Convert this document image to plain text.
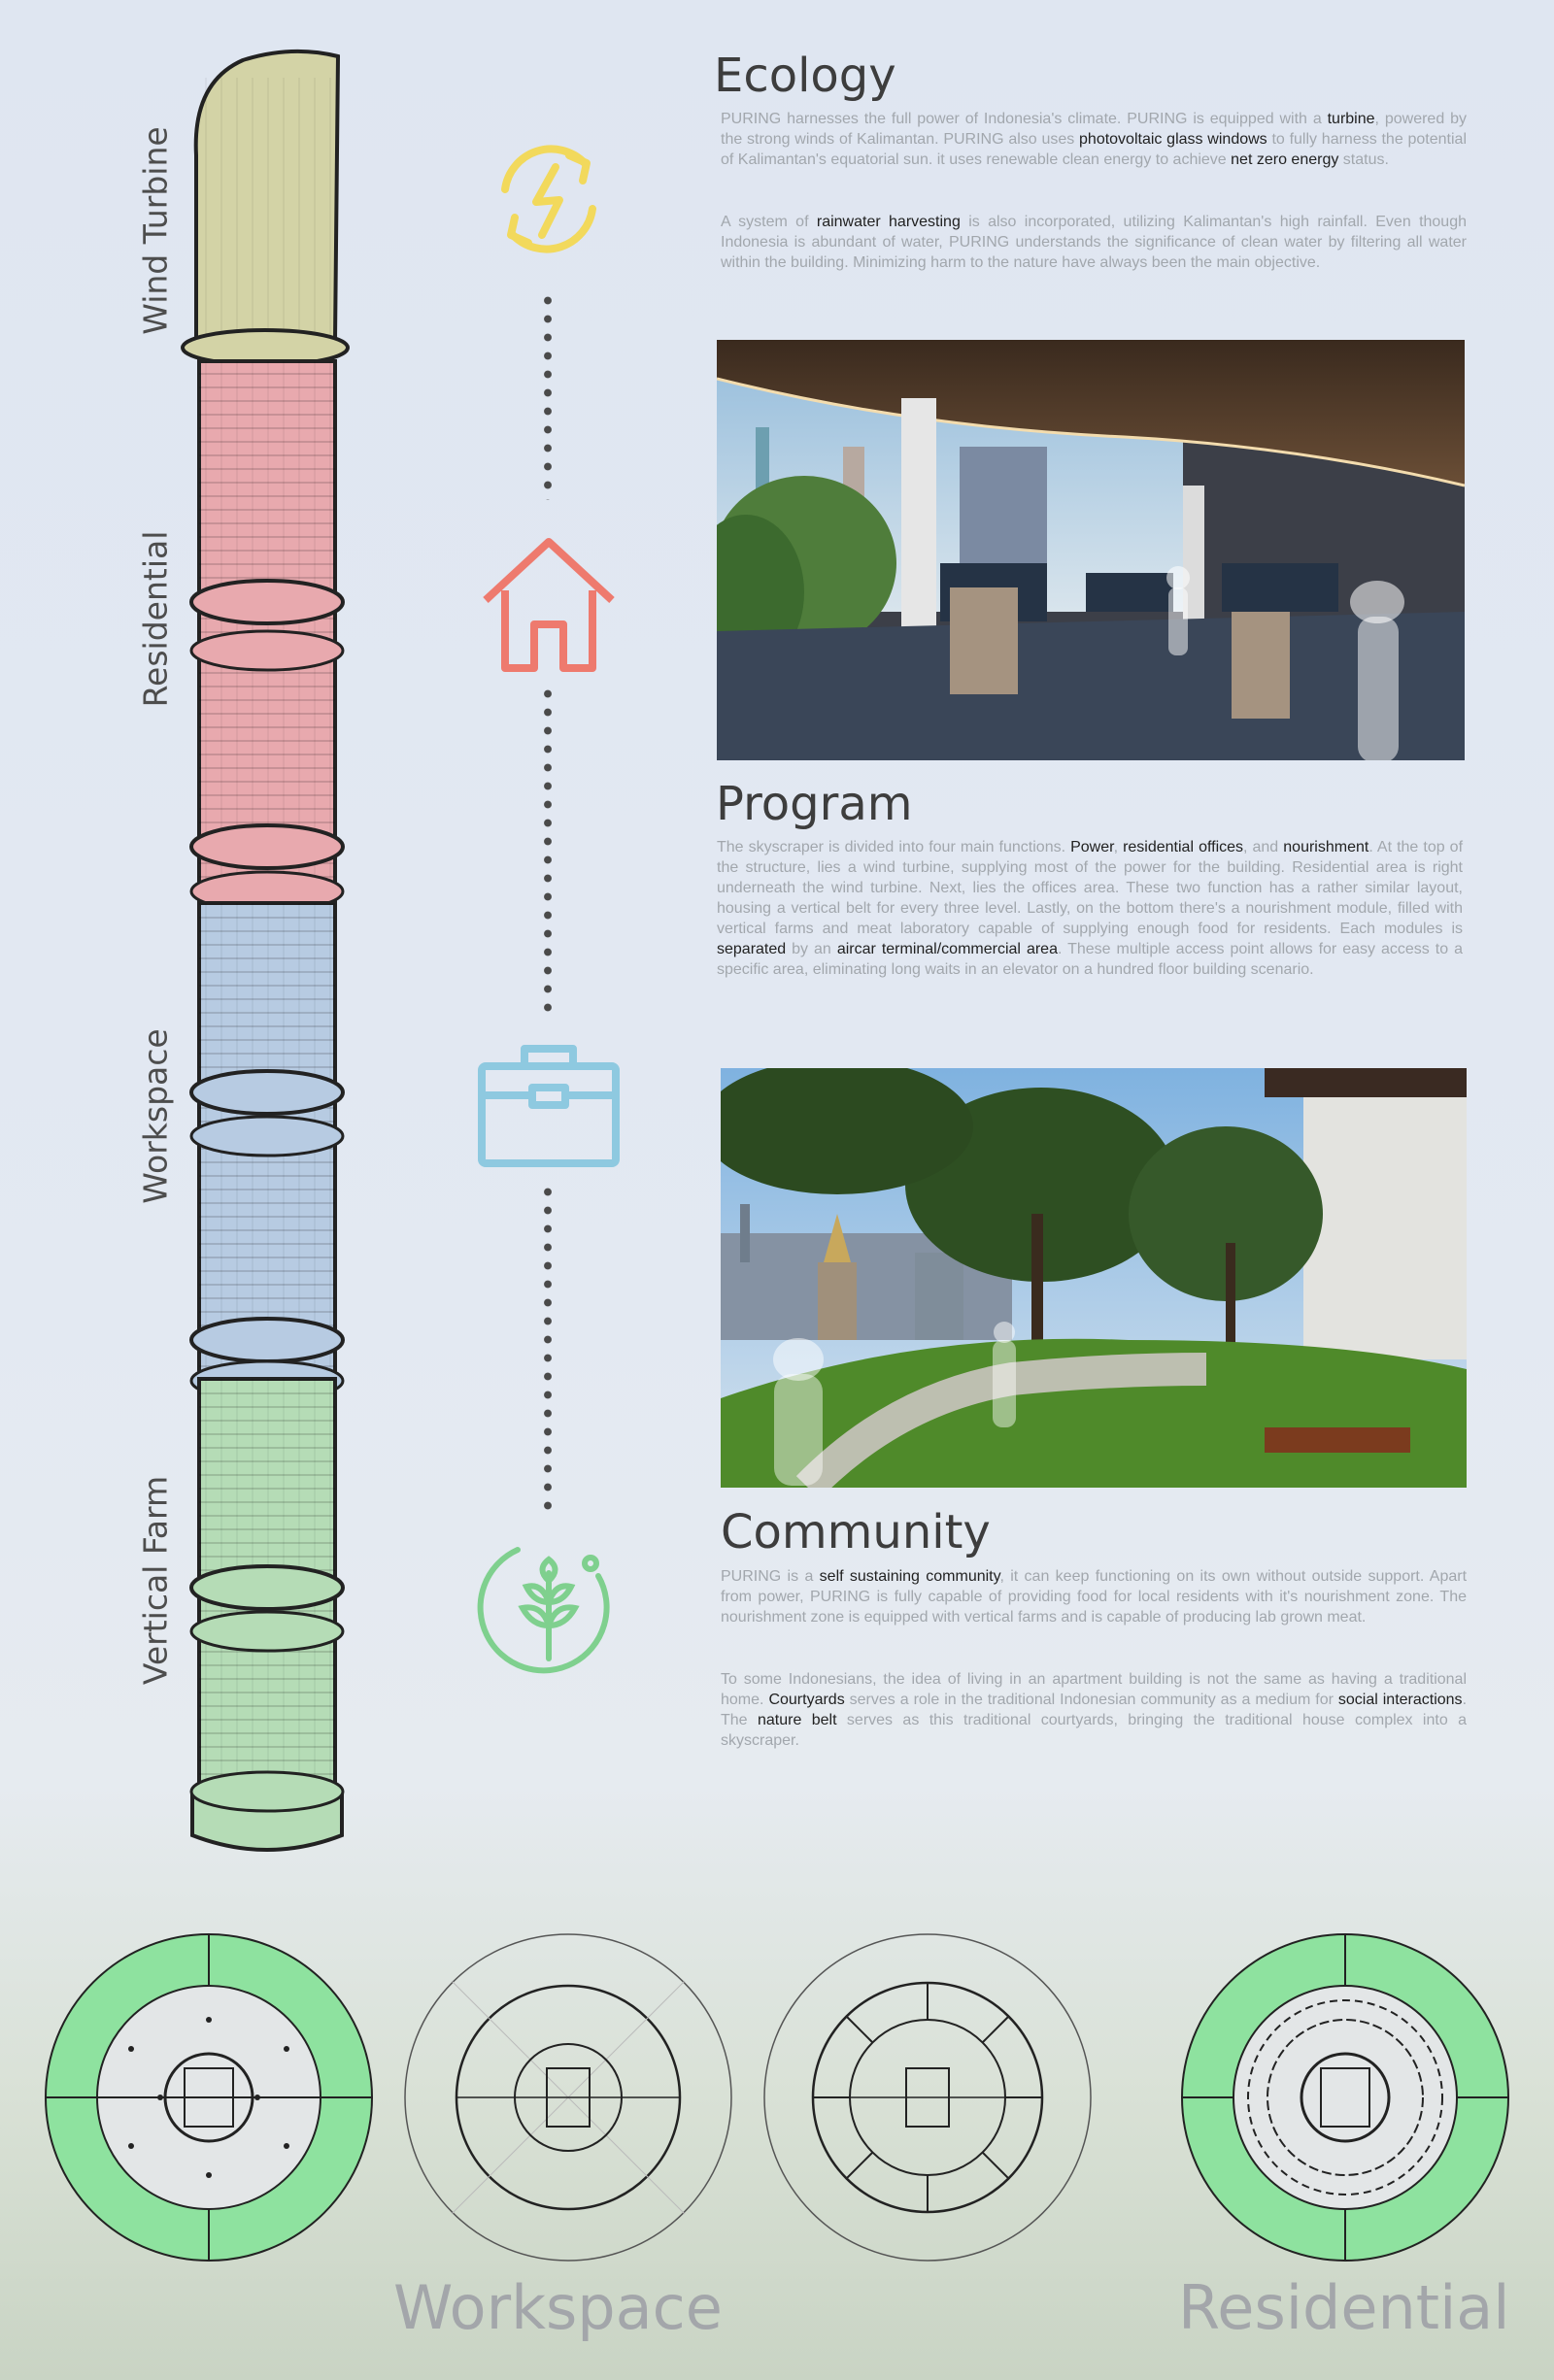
Wind Turbine
Residential
Workspace
Vertical Farm
Ecology

PURING harnesses the full power of Indonesia's climate. PURING is equipped with a turbine, powered by the strong winds of Kalimantan. PURING also uses photovoltaic glass windows to fully harness the potential of Kalimantan's equatorial sun. it uses renewable clean energy to achieve net zero energy status.

A system of rainwater harvesting is also incorporated, utilizing Kalimantan's high rainfall. Even though Indonesia is abundant of water, PURING understands the significance of clean water by filtering all water within the building. Minimizing harm to the nature have always been the main objective.

Program

The skyscraper is divided into four main functions. Power, residential offices, and nourishment. At the top of the structure, lies a wind turbine, supplying most of the power for the building. Residential area is right underneath the wind turbine. Next, lies the offices area. These two function has a rather similar layout, housing a vertical belt for every three level. Lastly, on the bottom there's a nourishment module, filled with vertical farms and meat laboratory capable of supplying enough food for residents. Each modules is separated by an aircar terminal/commercial area. These multiple access point allows for easy access to a specific area, eliminating long waits in an elevator on a hundred floor building scenario.

Community

PURING is a self sustaining community, it can keep functioning on its own without outside support. Apart from power, PURING is fully capable of providing food for local residents with it's nourishment zone. The nourishment zone is equipped with vertical farms and is capable of producing lab grown meat.

To some Indonesians, the idea of living in an apartment building is not the same as having a traditional home. Courtyards serves a role in the traditional Indonesian community as a medium for social interactions. The nature belt serves as this traditional courtyards, bringing the traditional house complex into a skyscraper.

Workspace	Residential
